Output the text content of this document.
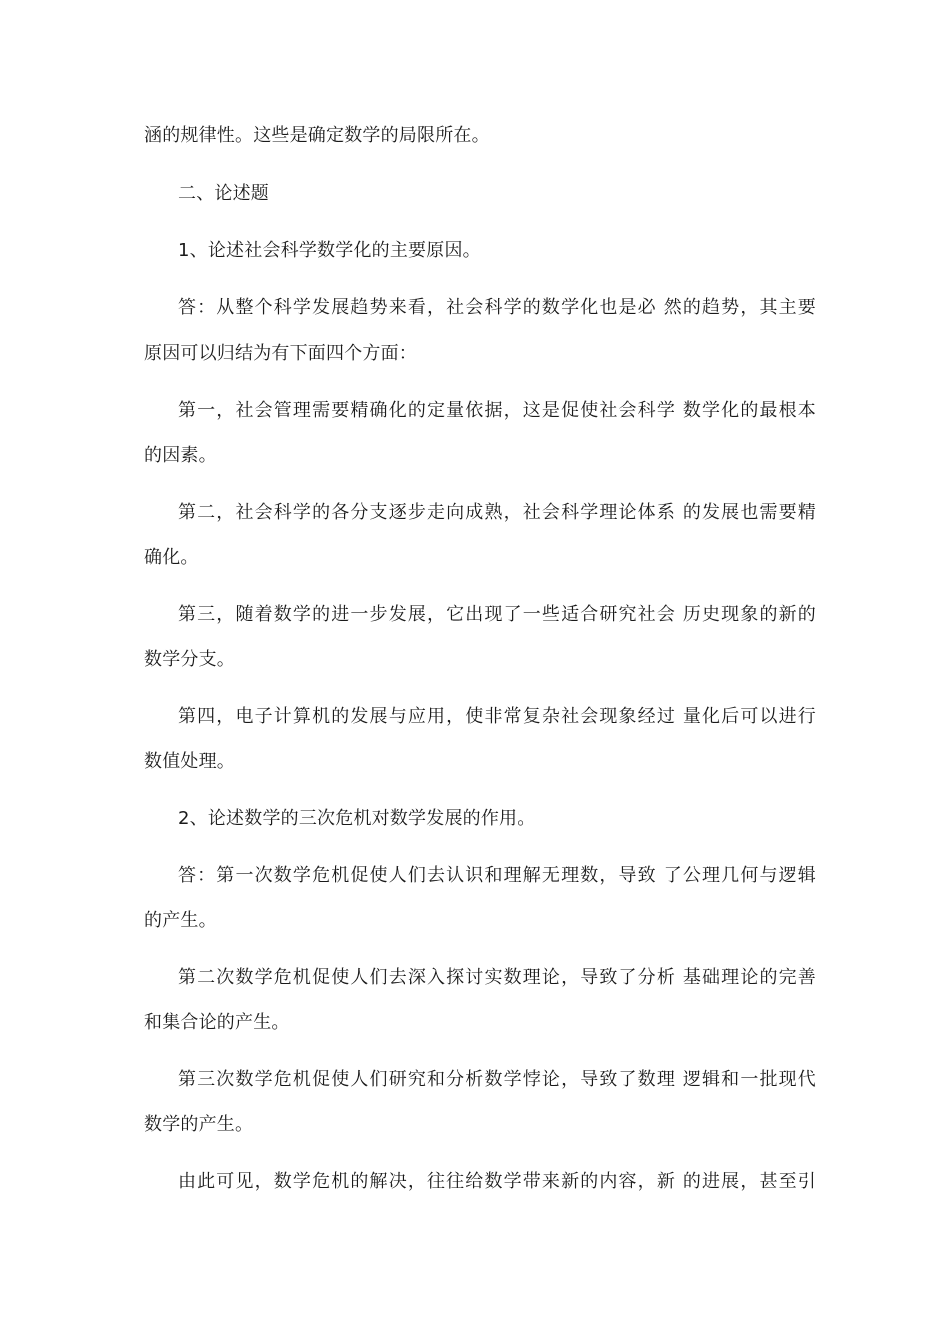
涵的规律性。这些是确定数学的局限所在。
二、论述题
1、论述社会科学数学化的主要原因。
答：从整个科学发展趋势来看，社会科学的数学化也是必 然的趋势，其主要
原因可以归结为有下面四个方面：
第一，社会管理需要精确化的定量依据，这是促使社会科学 数学化的最根本
的因素。
第二，社会科学的各分支逐步走向成熟，社会科学理论体系 的发展也需要精
确化。
第三，随着数学的进一步发展，它出现了一些适合研究社会 历史现象的新的
数学分支。
第四，电子计算机的发展与应用，使非常复杂社会现象经过 量化后可以进行
数值处理。
2、论述数学的三次危机对数学发展的作用。
答：第一次数学危机促使人们去认识和理解无理数，导致 了公理几何与逻辑
的产生。
第二次数学危机促使人们去深入探讨实数理论，导致了分析 基础理论的完善
和集合论的产生。
第三次数学危机促使人们研究和分析数学悖论，导致了数理 逻辑和一批现代
数学的产生。
由此可见，数学危机的解决，往往给数学带来新的内容，新 的进展，甚至引
